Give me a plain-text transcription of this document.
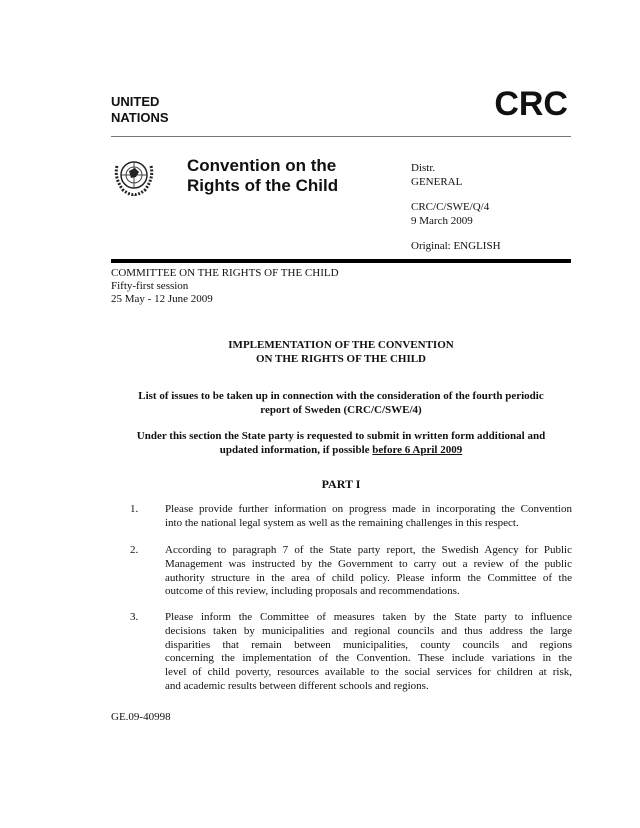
UNITED
NATIONS	CRC
Convention on the
Rights of the Child
Distr.
GENERAL
CRC/C/SWE/Q/4
9 March 2009
Original: ENGLISH
COMMITTEE ON THE RIGHTS OF THE CHILD
Fifty-first session
25 May - 12 June 2009
IMPLEMENTATION OF THE CONVENTION
ON THE RIGHTS OF THE CHILD
List of issues to be taken up in connection with the consideration of the fourth periodic
report of Sweden (CRC/C/SWE/4)
Under this section the State party is requested to submit in written form additional and
updated information, if possible before 6 April 2009
PART I
1. Please provide further information on progress made in incorporating the Convention
into the national legal system as well as the remaining challenges in this respect.
2. According to paragraph 7 of the State party report, the Swedish Agency for Public
Management was instructed by the Government to carry out a review of the public
authority structure in the area of child policy. Please inform the Committee of the
outcome of this review, including proposals and recommendations.
3. Please inform the Committee of measures taken by the State party to influence
decisions taken by municipalities and regional councils and thus address the large
disparities that remain between municipalities, county councils and regions
concerning the implementation of the Convention. These include variations in the
level of child poverty, resources available to the social services for children at risk,
and academic results between different schools and regions.
GE.09-40998
